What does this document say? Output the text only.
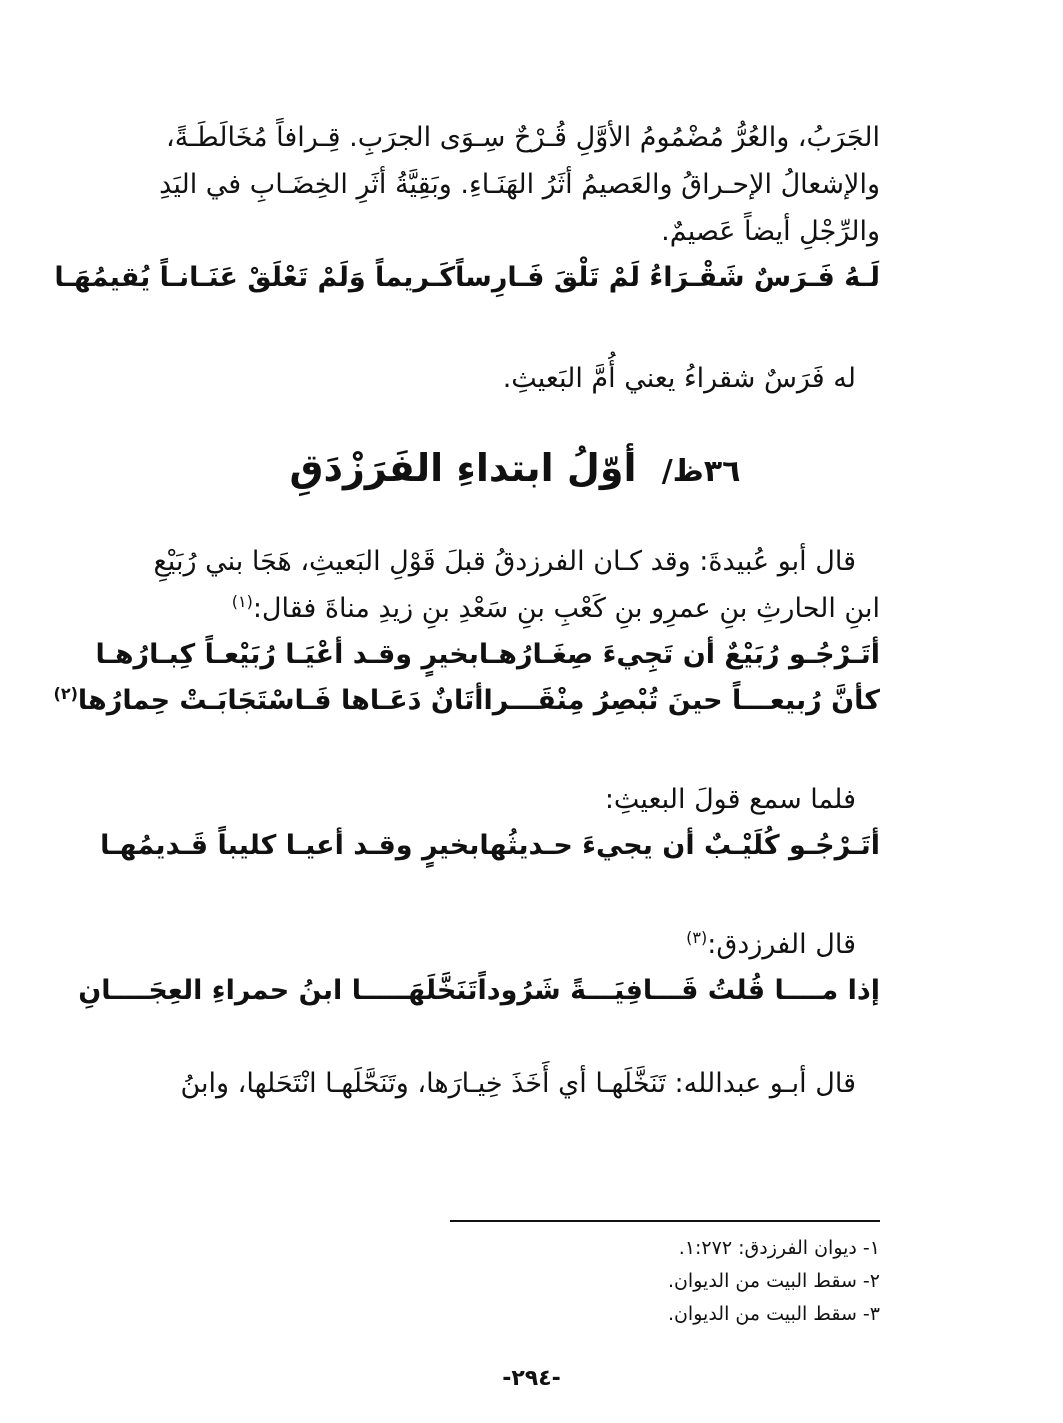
الجَرَبُ، والعُرُّ مُضْمُومُ الأوَّلِ قُـرْحٌ سِـوَى الجرَبِ. قِـرافاً مُخَالَطَـةً،
والإشعالُ الإحـراقُ والعَصيمُ أثَرُ الهَنَـاءِ. وبَقِيَّةُ أثَرِ الخِضَـابِ في اليَدِ
والرِّجْلِ أيضاً عَصيمٌ.

لَـهُ فَـرَسٌ شَقْـرَاءُ لَمْ تَلْقَ فَـارِساً
كَـريماً وَلَمْ تَعْلَقْ عَنَـانـاً يُقيمُهَـا

له فَرَسٌ شقراءُ يعني أُمَّ البَعيثِ.

٣٦ظ/ أوّلُ ابتداءِ الفَرَزْدَقِ

قال أبو عُبيدةَ: وقد كـان الفرزدقُ قبلَ قَوْلِ البَعيثِ، هَجَا بني رُبَيْعِ
ابنِ الحارثِ بنِ عمرِو بنِ كَعْبِ بنِ سَعْدِ بنِ زيدِ مناةَ فقال:$^{(١)}$

أتَـرْجُـو رُبَيْعٌ أن تَجِيءَ صِغَـارُهـا
بخيرٍ وقـد أعْيَـا رُبَيْعـاً كِبـارُهـا
كأنَّ رُبيعـــاً حينَ تُبْصِرُ مِنْقَـــرا
أتَانٌ دَعَـاها فَـاسْتَجَابَـتْ حِمارُها$^{(٢)}$

فلما سمع قولَ البعيثِ:

أتَـرْجُـو كُلَيْـبٌ أن يجيءَ حـديثُها
بخيرٍ وقـد أعيـا كليباً قَـديمُهـا

قال الفرزدق:$^{(٣)}$

إذا مــــا قُلتُ قَـــافِيَـــةً شَرُوداً
تَنَخَّلَهَـــــا ابنُ حمراءِ العِجَــــانِ

قال أبـو عبدالله: تَنَخَّلَهـا أي أَخَذَ خِيـارَها، وتَنَحَّلَهـا انْتَحَلها، وابنُ

١- ديوان الفرزدق: ١:٢٧٢.

٢- سقط البيت من الديوان.

٣- سقط البيت من الديوان.

-٢٩٤-
